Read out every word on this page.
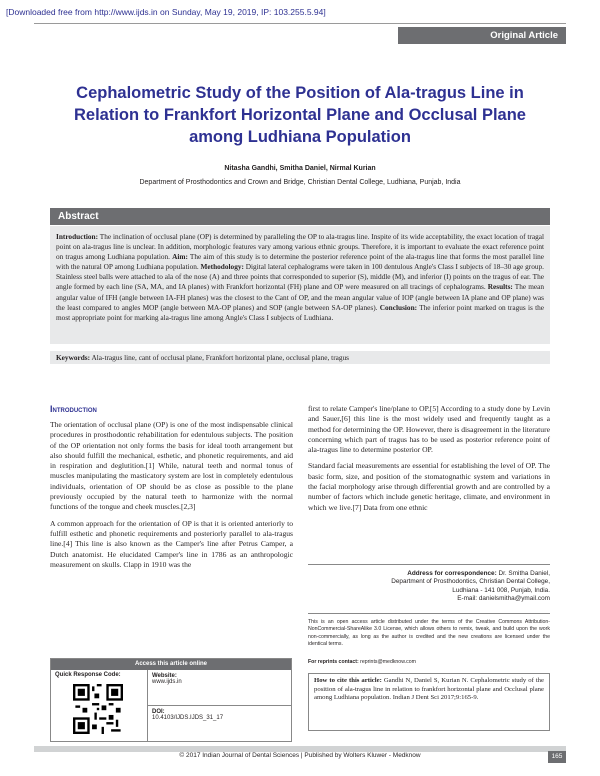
[Downloaded free from http://www.ijds.in on Sunday, May 19, 2019, IP: 103.255.5.94]
Original Article
Cephalometric Study of the Position of Ala-tragus Line in Relation to Frankfort Horizontal Plane and Occlusal Plane among Ludhiana Population
Nitasha Gandhi, Smitha Daniel, Nirmal Kurian
Department of Prosthodontics and Crown and Bridge, Christian Dental College, Ludhiana, Punjab, India
Abstract
Introduction: The inclination of occlusal plane (OP) is determined by paralleling the OP to ala-tragus line. Inspite of its wide acceptability, the exact location of tragal point on ala-tragus line is unclear. In addition, morphologic features vary among various ethnic groups. Therefore, it is important to evaluate the exact reference point on tragus among Ludhiana population. Aim: The aim of this study is to determine the posterior reference point of the ala-tragus line that forms the most parallel line with the natural OP among Ludhiana population. Methodology: Digital lateral cephalograms were taken in 100 dentulous Angle's Class I subjects of 18–30 age group. Stainless steel balls were attached to ala of the nose (A) and three points that corresponded to superior (S), middle (M), and inferior (I) points on the tragus of ear. The angle formed by each line (SA, MA, and IA planes) with Frankfort horizontal (FH) plane and OP were measured on all tracings of cephalograms. Results: The mean angular value of IFH (angle between IA-FH planes) was the closest to the Cant of OP, and the mean angular value of IOP (angle between IA plane and OP plane) was the least compared to angles MOP (angle between MA-OP planes) and SOP (angle between SA-OP planes). Conclusion: The inferior point marked on tragus is the most appropriate point for marking ala-tragus line among Angle's Class I subjects of Ludhiana.
Keywords: Ala-tragus line, cant of occlusal plane, Frankfort horizontal plane, occlusal plane, tragus
Introduction

The orientation of occlusal plane (OP) is one of the most indispensable clinical procedures in prosthodontic rehabilitation for edentulous subjects. The position of the OP orientation not only forms the basis for ideal tooth arrangement but also should fulfill the mechanical, esthetic, and phonetic requirements, and aid in respiration and deglutition.[1] While, natural teeth and normal tonus of muscles manipulating the masticatory system are lost in completely edentulous individuals, orientation of OP should be as close as possible to the plane previously occupied by the natural teeth to harmonize with the normal functions of the tongue and cheek muscles.[2,3]

A common approach for the orientation of OP is that it is oriented anteriorly to fulfill esthetic and phonetic requirements and posteriorly parallel to ala-tragus line.[4] This line is also known as the Camper's line after Petrus Camper, a Dutch anatomist. He elucidated Camper's line in 1786 as an anthropologic measurement on skulls. Clapp in 1910 was the

first to relate Camper's line/plane to OP.[5] According to a study done by Levin and Sauer,[6] this line is the most widely used and frequently taught as a method for determining the OP. However, there is disagreement in the literature concerning which part of tragus has to be used as posterior reference point of ala-tragus line to determine posterior OP.

Standard facial measurements are essential for establishing the level of OP. The basic form, size, and position of the stomatognathic system and variations in the facial morphology arise through differential growth and are controlled by a number of factors which include genetic heritage, climate, and environment in which we live.[7] Data from one ethnic

Access this article online
Quick Response Code:	Website:
www.ijds.in
DOI:
10.4103/IJDS.IJDS_31_17
Address for correspondence: Dr. Smitha Daniel,
Department of Prosthodontics, Christian Dental College,
Ludhiana - 141 008, Punjab, India.
E-mail: danielsmitha@ymail.com
This is an open access article distributed under the terms of the Creative Commons Attribution-NonCommercial-ShareAlike 3.0 License, which allows others to remix, tweak, and build upon the work non-commercially, as long as the author is credited and the new creations are licensed under the identical terms.
For reprints contact: reprints@medknow.com
How to cite this article: Gandhi N, Daniel S, Kurian N. Cephalometric study of the position of ala-tragus line in relation to frankfort horizontal plane and Occlusal plane among Ludhiana population. Indian J Dent Sci 2017;9:165-9.
© 2017 Indian Journal of Dental Sciences | Published by Wolters Kluwer - Medknow	165
